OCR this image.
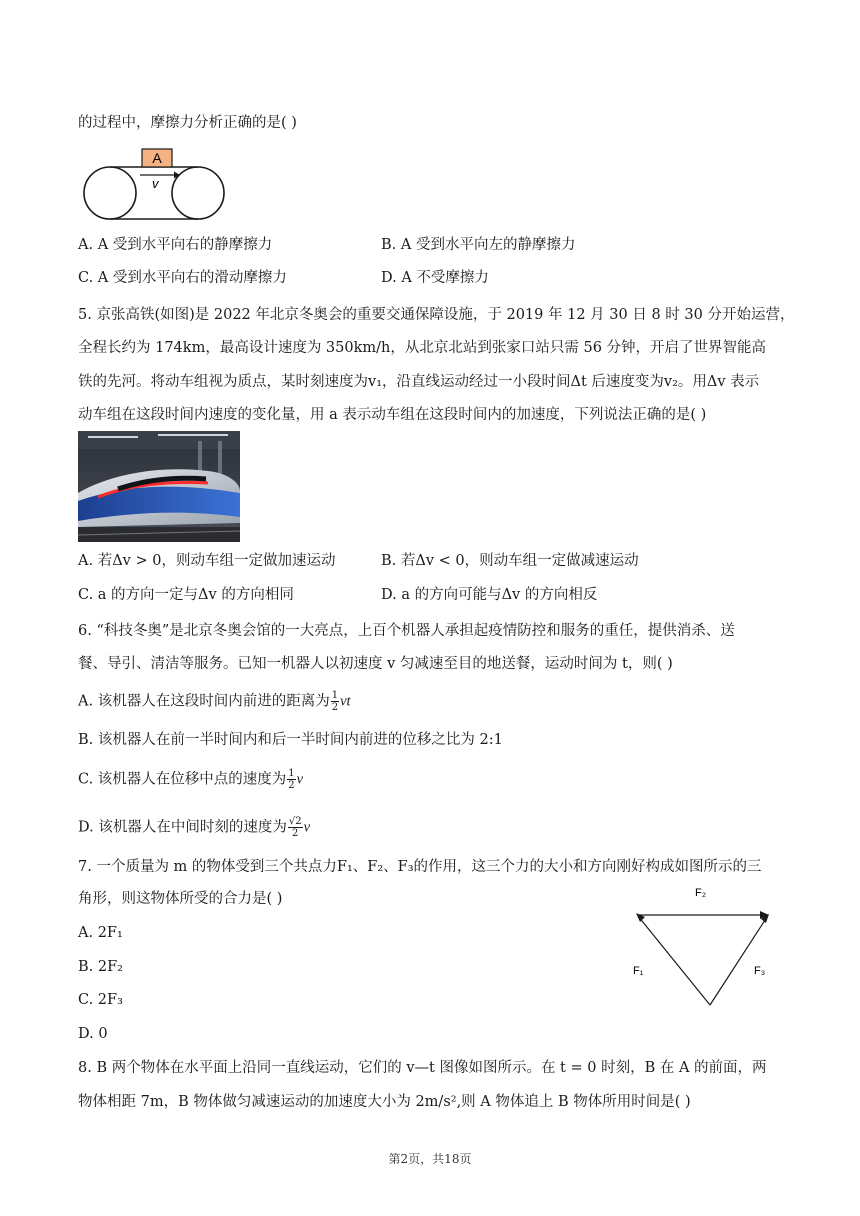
的过程中，摩擦力分析正确的是( )
A
v
A. A 受到水平向右的静摩擦力	B. A 受到水平向左的静摩擦力
C. A 受到水平向右的滑动摩擦力	D. A 不受摩擦力
5. 京张高铁(如图)是 2022 年北京冬奥会的重要交通保障设施，于 2019 年 12 月 30 日 8 时 30 分开始运营，
全程长约为 174km，最高设计速度为 350km/h，从北京北站到张家口站只需 56 分钟，开启了世界智能高
铁的先河。将动车组视为质点，某时刻速度为v₁，沿直线运动经过一小段时间Δt 后速度变为v₂。用Δv 表示
动车组在这段时间内速度的变化量，用 a 表示动车组在这段时间内的加速度，下列说法正确的是( )
A. 若Δv > 0，则动车组一定做加速运动	B. 若Δv < 0，则动车组一定做减速运动
C. a 的方向一定与Δv 的方向相同	D. a 的方向可能与Δv 的方向相反
6. “科技冬奥”是北京冬奥会馆的一大亮点，上百个机器人承担起疫情防控和服务的重任，提供消杀、送
餐、导引、清洁等服务。已知一机器人以初速度 v 匀减速至目的地送餐，运动时间为 t，则( )
A. 该机器人在这段时间内前进的距离为 $\frac{1}{2}$ vt
B. 该机器人在前一半时间内和后一半时间内前进的位移之比为 2:1
C. 该机器人在位移中点的速度为 $\frac{1}{2}$ v
D. 该机器人在中间时刻的速度为 $\frac{√2}{2}$ v
7. 一个质量为 m 的物体受到三个共点力F₁、F₂、F₃的作用，这三个力的大小和方向刚好构成如图所示的三
角形，则这物体所受的合力是( )
A. 2F₁
B. 2F₂
C. 2F₃
D. 0
F₂
F₁	F₃
8. B 两个物体在水平面上沿同一直线运动，它们的 v—t 图像如图所示。在 t = 0 时刻，B 在 A 的前面，两
物体相距 7m，B 物体做匀减速运动的加速度大小为 2m/s²,则 A 物体追上 B 物体所用时间是( )
第2页，共18页
